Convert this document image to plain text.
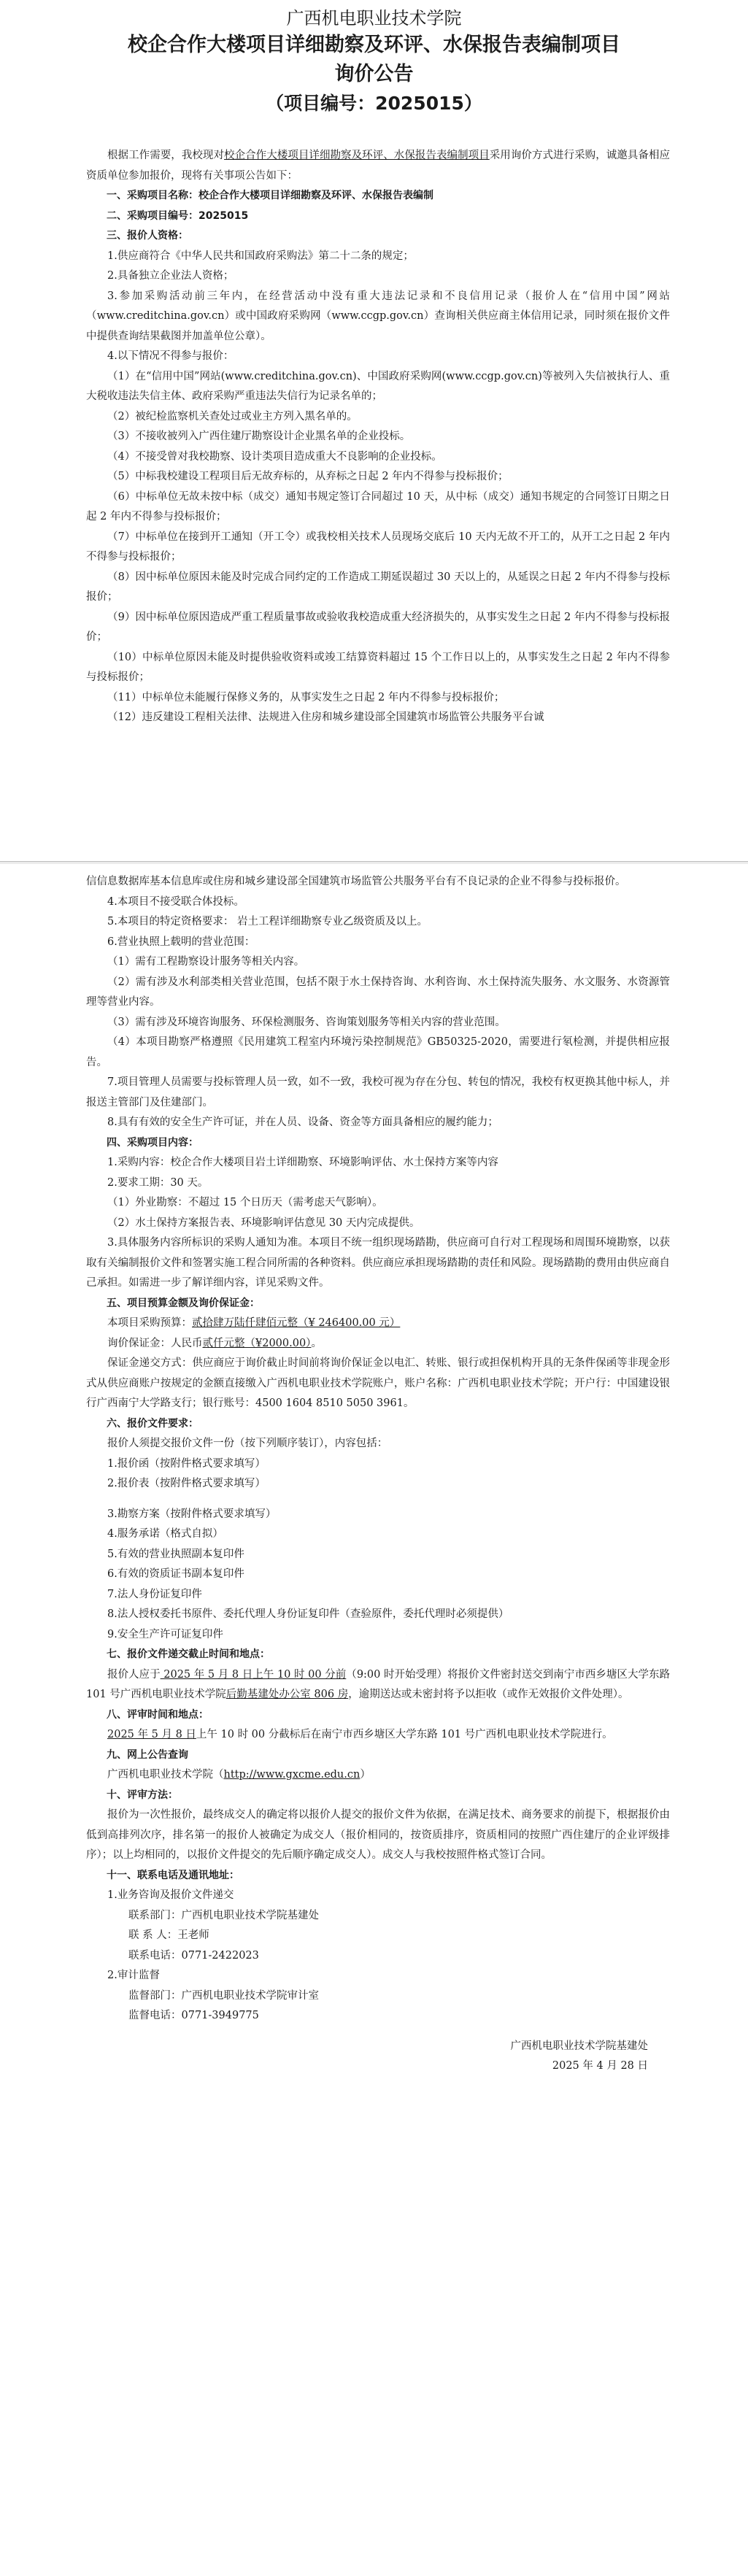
广西机电职业技术学院
校企合作大楼项目详细勘察及环评、水保报告表编制项目
询价公告
（项目编号：2025015）

根据工作需要，我校现对校企合作大楼项目详细勘察及环评、水保报告表编制项目采用询价方式进行采购，诚邀具备相应资质单位参加报价，现将有关事项公告如下：

一、采购项目名称：校企合作大楼项目详细勘察及环评、水保报告表编制

二、采购项目编号：2025015

三、报价人资格：

1.供应商符合《中华人民共和国政府采购法》第二十二条的规定；

2.具备独立企业法人资格；

3.参加采购活动前三年内，在经营活动中没有重大违法记录和不良信用记录（报价人在“信用中国”网站（www.creditchina.gov.cn）或中国政府采购网（www.ccgp.gov.cn）查询相关供应商主体信用记录，同时须在报价文件中提供查询结果截图并加盖单位公章）。

4.以下情况不得参与报价：

（1）在“信用中国”网站(www.creditchina.gov.cn)、中国政府采购网(www.ccgp.gov.cn)等被列入失信被执行人、重大税收违法失信主体、政府采购严重违法失信行为记录名单的；

（2）被纪检监察机关查处过或业主方列入黑名单的。

（3）不接收被列入广西住建厅勘察设计企业黑名单的企业投标。

（4）不接受曾对我校勘察、设计类项目造成重大不良影响的企业投标。

（5）中标我校建设工程项目后无故弃标的，从弃标之日起 2 年内不得参与投标报价；

（6）中标单位无故未按中标（成交）通知书规定签订合同超过 10 天，从中标（成交）通知书规定的合同签订日期之日起 2 年内不得参与投标报价；

（7）中标单位在接到开工通知（开工令）或我校相关技术人员现场交底后 10 天内无故不开工的，从开工之日起 2 年内不得参与投标报价；

（8）因中标单位原因未能及时完成合同约定的工作造成工期延误超过 30 天以上的，从延误之日起 2 年内不得参与投标报价；

（9）因中标单位原因造成严重工程质量事故或验收我校造成重大经济损失的，从事实发生之日起 2 年内不得参与投标报价；

（10）中标单位原因未能及时提供验收资料或竣工结算资料超过 15 个工作日以上的，从事实发生之日起 2 年内不得参与投标报价；

（11）中标单位未能履行保修义务的，从事实发生之日起 2 年内不得参与投标报价；

（12）违反建设工程相关法律、法规进入住房和城乡建设部全国建筑市场监管公共服务平台诚

信信息数据库基本信息库或住房和城乡建设部全国建筑市场监管公共服务平台有不良记录的企业不得参与投标报价。

4.本项目不接受联合体投标。

5.本项目的特定资格要求： 岩土工程详细勘察专业乙级资质及以上。

6.营业执照上载明的营业范围：

（1）需有工程勘察设计服务等相关内容。

（2）需有涉及水利部类相关营业范围，包括不限于水土保持咨询、水利咨询、水土保持流失服务、水文服务、水资源管理等营业内容。

（3）需有涉及环境咨询服务、环保检测服务、咨询策划服务等相关内容的营业范围。

（4）本项目勘察严格遵照《民用建筑工程室内环境污染控制规范》GB50325-2020，需要进行氡检测，并提供相应报告。

7.项目管理人员需要与投标管理人员一致，如不一致，我校可视为存在分包、转包的情况，我校有权更换其他中标人，并报送主管部门及住建部门。

8.具有有效的安全生产许可证，并在人员、设备、资金等方面具备相应的履约能力；

四、采购项目内容：

1.采购内容：校企合作大楼项目岩土详细勘察、环境影响评估、水土保持方案等内容

2.要求工期：30 天。

（1）外业勘察：不超过 15 个日历天（需考虑天气影响）。

（2）水土保持方案报告表、环境影响评估意见 30 天内完成提供。

3.具体服务内容所标识的采购人通知为准。本项目不统一组织现场踏勘，供应商可自行对工程现场和周围环境勘察，以获取有关编制报价文件和签署实施工程合同所需的各种资料。供应商应承担现场踏勘的责任和风险。现场踏勘的费用由供应商自己承担。如需进一步了解详细内容，详见采购文件。

五、项目预算金额及询价保证金：

本项目采购预算：贰拾肆万陆仟肆佰元整（¥ 246400.00 元）

询价保证金：人民币贰仟元整（¥2000.00）。

保证金递交方式：供应商应于询价截止时间前将询价保证金以电汇、转账、银行或担保机构开具的无条件保函等非现金形式从供应商账户按规定的金额直接缴入广西机电职业技术学院账户，账户名称：广西机电职业技术学院；开户行：中国建设银行广西南宁大学路支行；银行账号：4500 1604 8510 5050 3961。

六、报价文件要求：

报价人须提交报价文件一份（按下列顺序装订），内容包括：

1.报价函（按附件格式要求填写）

2.报价表（按附件格式要求填写）

3.勘察方案（按附件格式要求填写）

4.服务承诺（格式自拟）

5.有效的营业执照副本复印件

6.有效的资质证书副本复印件

7.法人身份证复印件

8.法人授权委托书原件、委托代理人身份证复印件（查验原件，委托代理时必须提供）

9.安全生产许可证复印件

七、报价文件递交截止时间和地点：

报价人应于 2025 年 5 月 8 日上午 10 时 00 分前（9:00 时开始受理）将报价文件密封送交到南宁市西乡塘区大学东路 101 号广西机电职业技术学院后勤基建处办公室 806 房，逾期送达或未密封将予以拒收（或作无效报价文件处理）。

八、评审时间和地点：

2025 年 5 月 8 日上午 10 时 00 分截标后在南宁市西乡塘区大学东路 101 号广西机电职业技术学院进行。

九、网上公告查询

广西机电职业技术学院（http://www.gxcme.edu.cn）

十、评审方法：

报价为一次性报价，最终成交人的确定将以报价人提交的报价文件为依据，在满足技术、商务要求的前提下，根据报价由低到高排列次序，排名第一的报价人被确定为成交人（报价相同的，按资质排序，资质相同的按照广西住建厅的企业评级排序）；以上均相同的，以报价文件提交的先后顺序确定成交人）。成交人与我校按照件格式签订合同。

十一、联系电话及通讯地址：

1.业务咨询及报价文件递交

联系部门：广西机电职业技术学院基建处

联 系 人：王老师

联系电话：0771-2422023

2.审计监督

监督部门：广西机电职业技术学院审计室

监督电话：0771-3949775

广西机电职业技术学院基建处

2025 年 4 月 28 日
